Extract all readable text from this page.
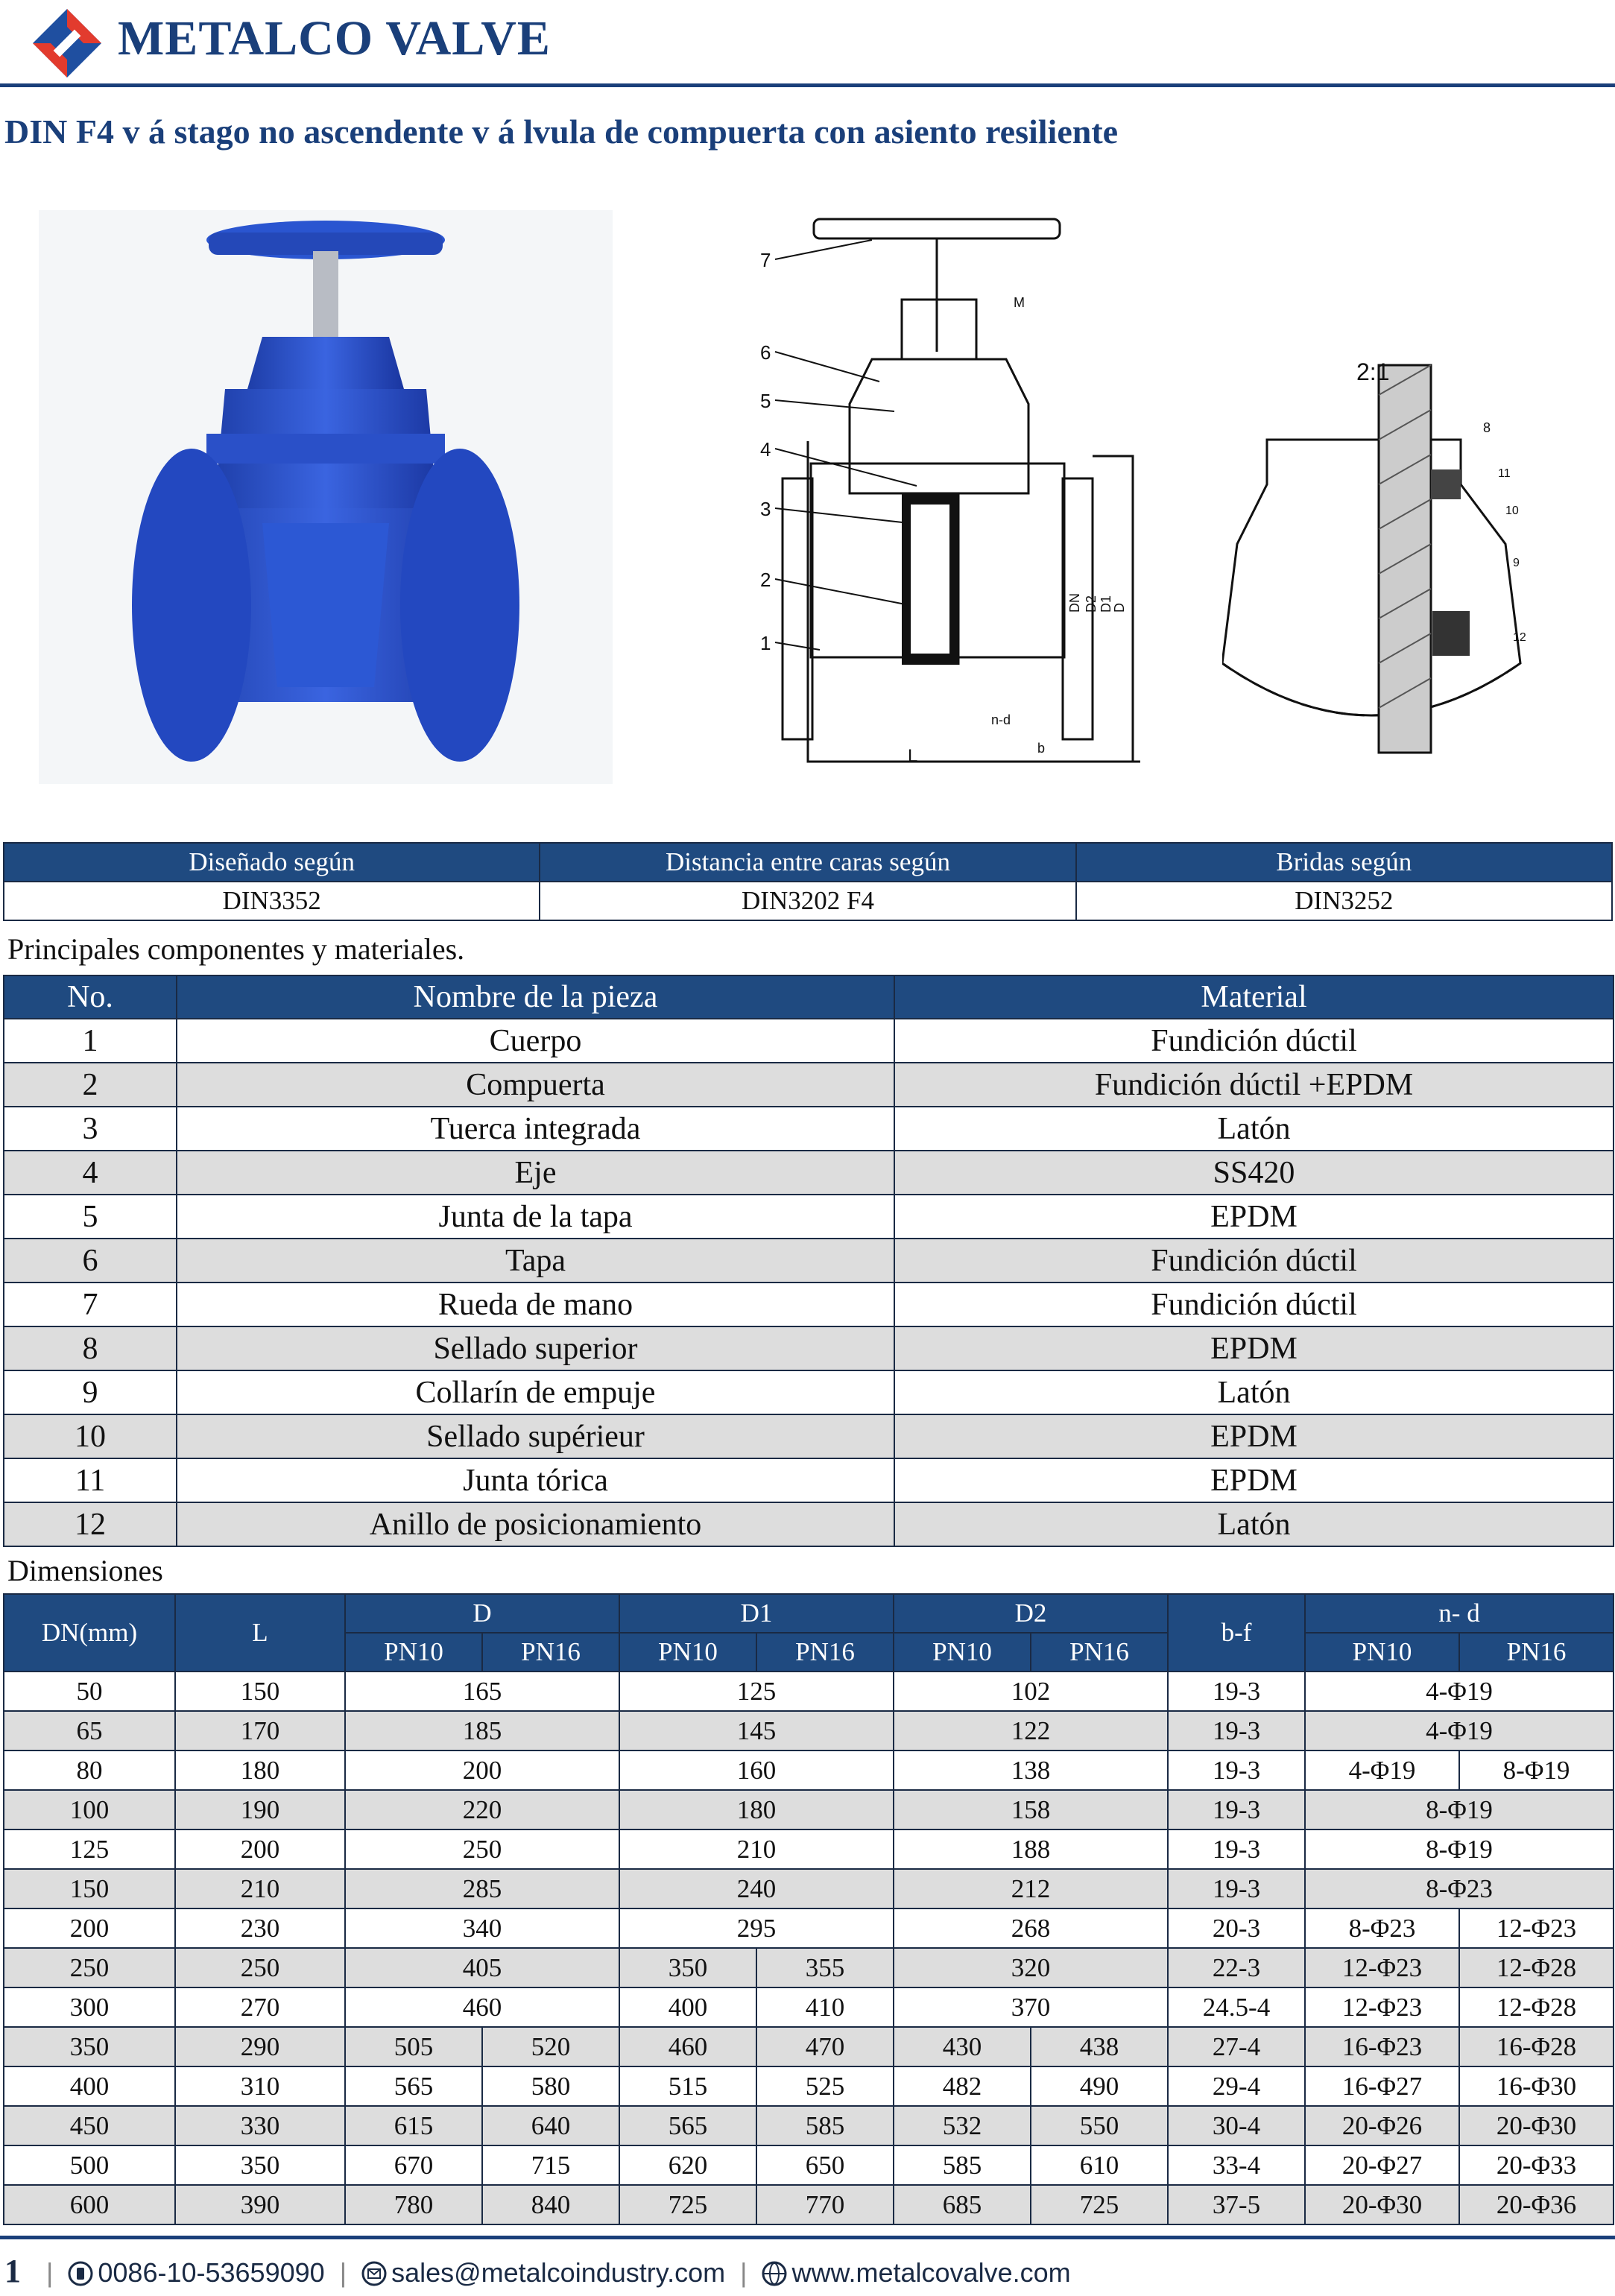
METALCO VALVE
DIN F4 v á stago no ascendente v á lvula de compuerta con asiento resiliente
7
M
6
5
4
3
2
1
n-d
b
L
DN D2 D1
D
2:1
8
11
10
9
12
Diseñado según	Distancia entre caras según	Bridas según
DIN3352	DIN3202 F4	DIN3252
Principales componentes y materiales.
No.	Nombre de la pieza	Material
1	Cuerpo	Fundición dúctil
2	Compuerta	Fundición dúctil +EPDM
3	Tuerca integrada	Latón
4	Eje	SS420
5	Junta de la tapa	EPDM
6	Tapa	Fundición dúctil
7	Rueda de mano	Fundición dúctil
8	Sellado superior	EPDM
9	Collarín de empuje	Latón
10	Sellado supérieur	EPDM
11	Junta tórica	EPDM
12	Anillo de posicionamiento	Latón
Dimensiones
DN(mm)	L	D		D1		D2		b-f	n- d	
		PN10	PN16	PN10	PN16	PN10	PN16		PN10	PN16
50	150	165		125		102		19-3	4-Φ19	
65	170	185		145		122		19-3	4-Φ19	
80	180	200		160		138		19-3	4-Φ19	8-Φ19
100	190	220		180		158		19-3	8-Φ19	
125	200	250		210		188		19-3	8-Φ19	
150	210	285		240		212		19-3	8-Φ23	
200	230	340		295		268		20-3	8-Φ23	12-Φ23
250	250	405		350	355	320		22-3	12-Φ23	12-Φ28
300	270	460		400	410	370		24.5-4	12-Φ23	12-Φ28
350	290	505	520	460	470	430	438	27-4	16-Φ23	16-Φ28
400	310	565	580	515	525	482	490	29-4	16-Φ27	16-Φ30
450	330	615	640	565	585	532	550	30-4	20-Φ26	20-Φ30
500	350	670	715	620	650	585	610	33-4	20-Φ27	20-Φ33
600	390	780	840	725	770	685	725	37-5	20-Φ30	20-Φ36
1 | 0086-10-53659090 | sales@metalcoindustry.com | www.metalcovalve.com
